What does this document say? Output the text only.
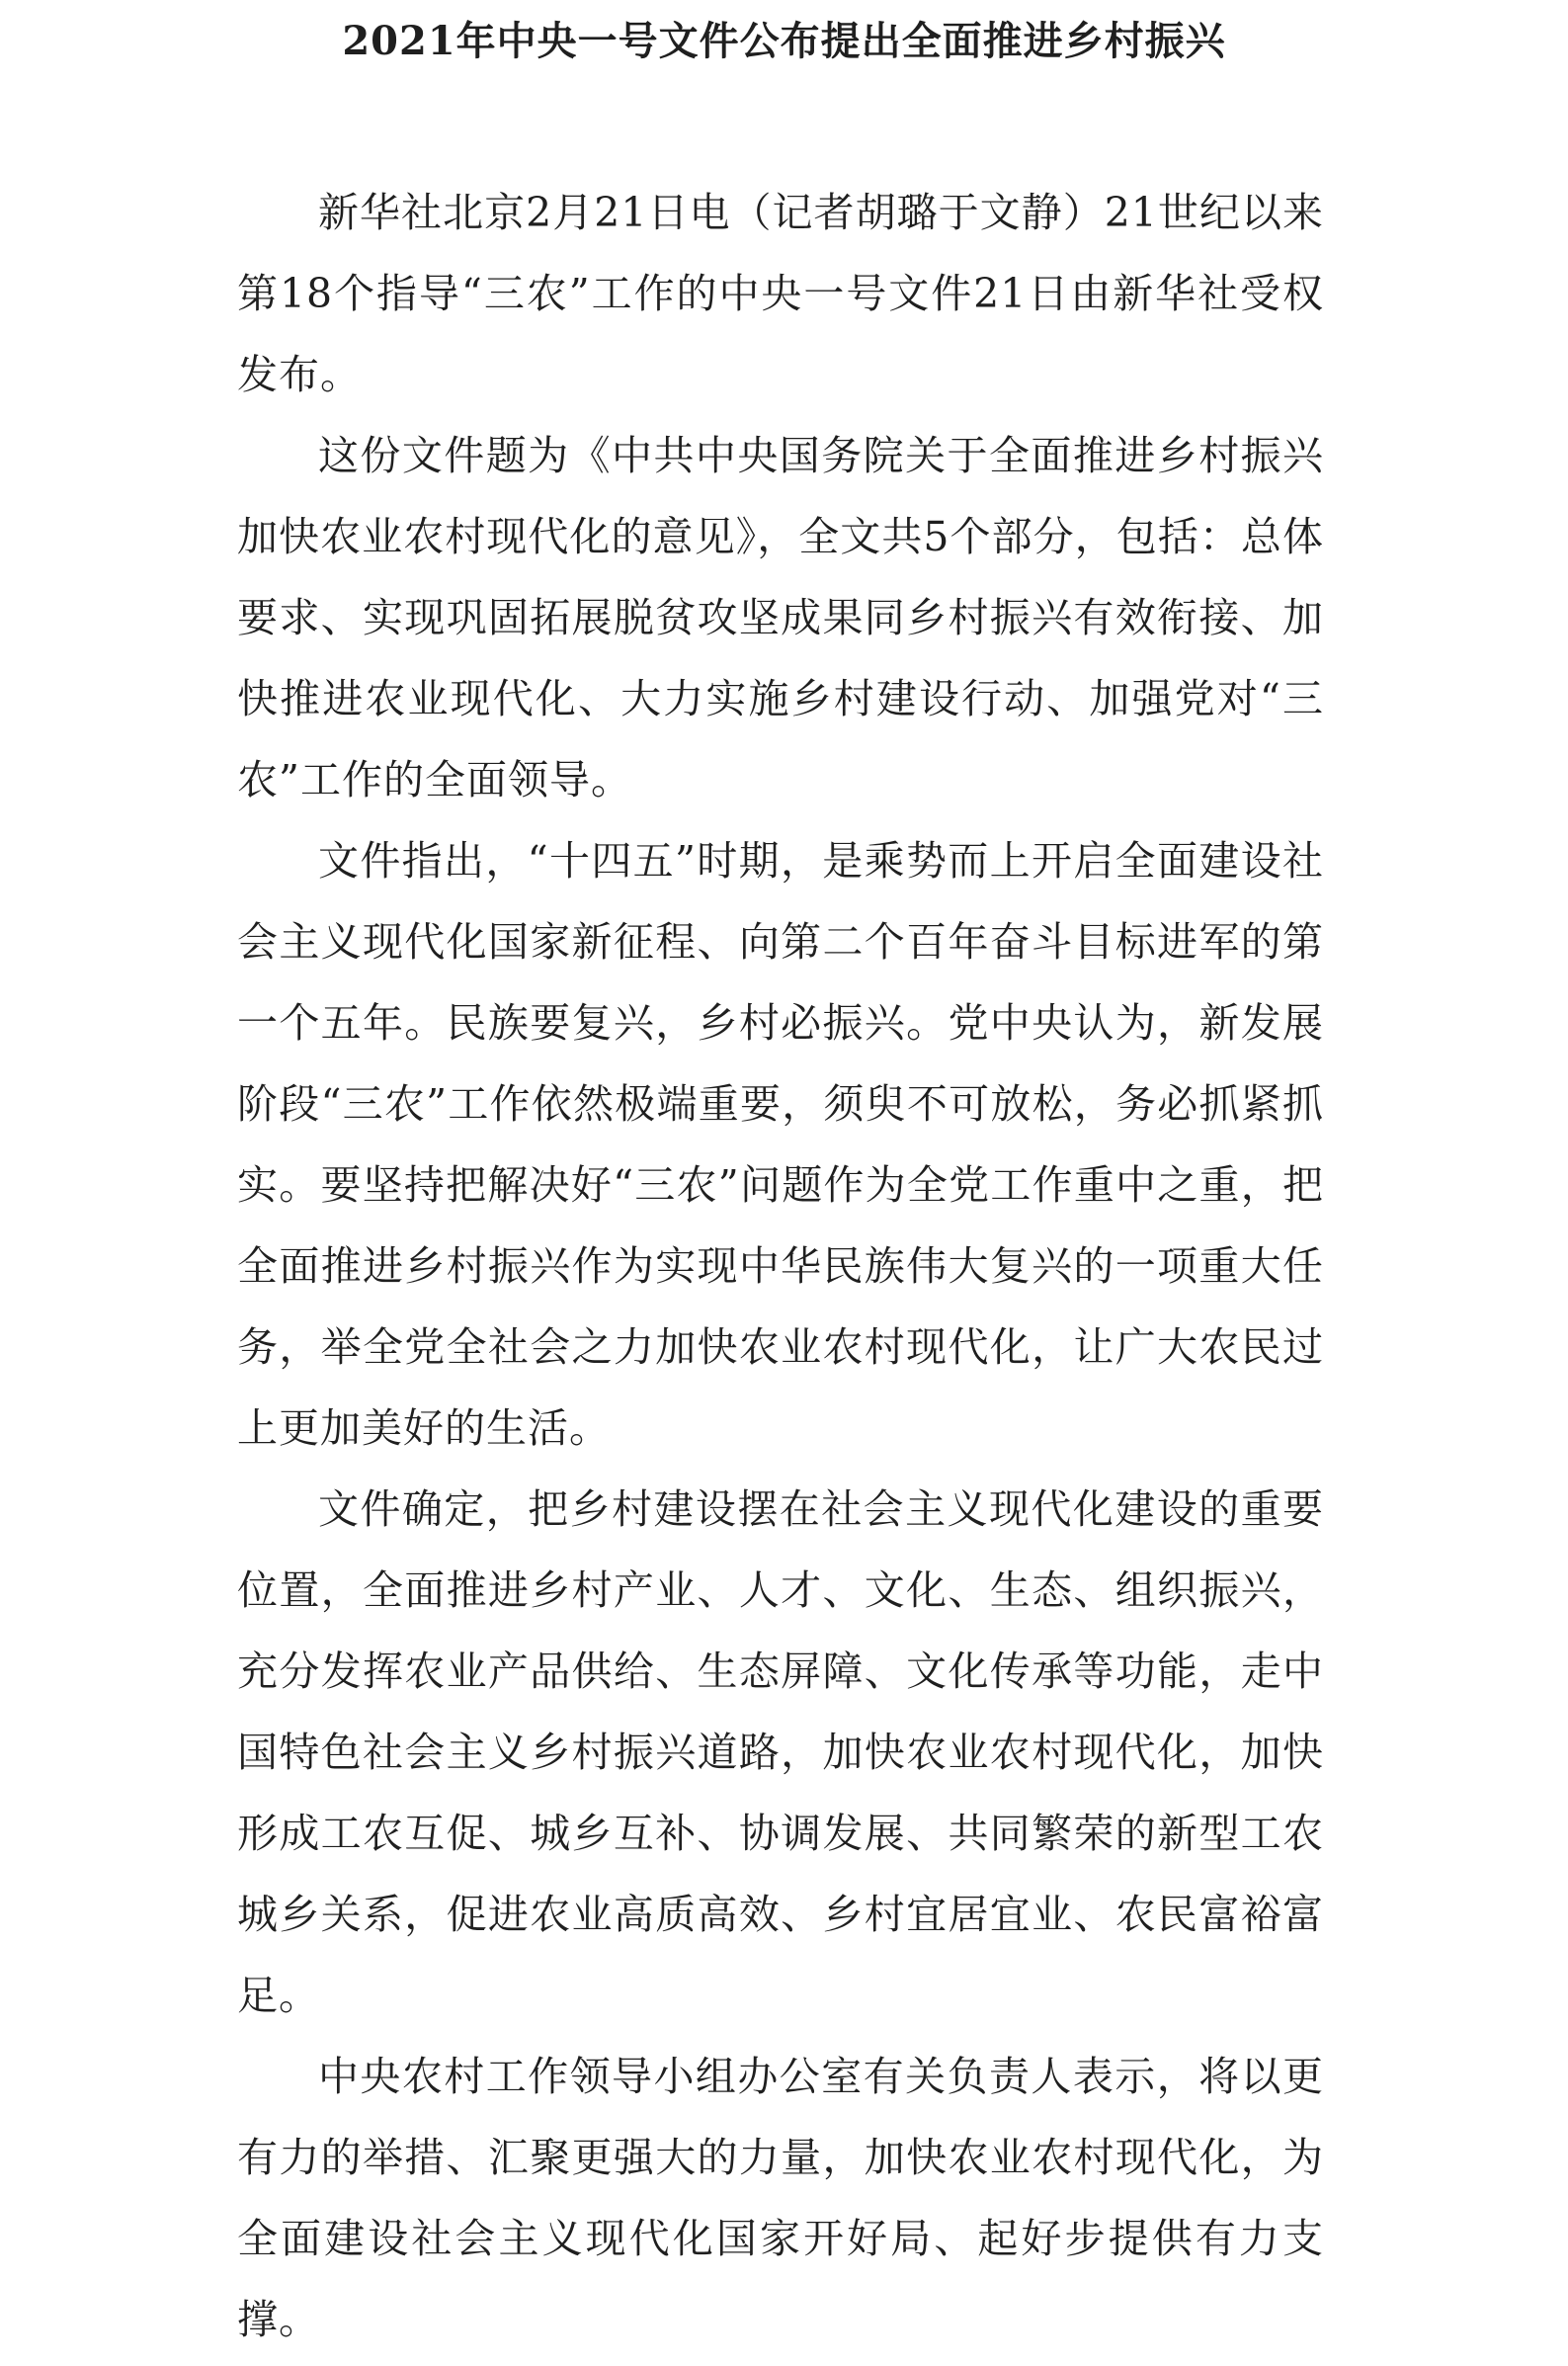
2021年中央一号文件公布提出全面推进乡村振兴

新华社北京2月21日电（记者胡璐于文静）21世纪以来第18个指导“三农”工作的中央一号文件21日由新华社受权发布。

这份文件题为《中共中央国务院关于全面推进乡村振兴加快农业农村现代化的意见》，全文共5个部分，包括：总体要求、实现巩固拓展脱贫攻坚成果同乡村振兴有效衔接、加快推进农业现代化、大力实施乡村建设行动、加强党对“三农”工作的全面领导。

文件指出，“十四五”时期，是乘势而上开启全面建设社会主义现代化国家新征程、向第二个百年奋斗目标进军的第一个五年。民族要复兴，乡村必振兴。党中央认为，新发展阶段“三农”工作依然极端重要，须臾不可放松，务必抓紧抓实。要坚持把解决好“三农”问题作为全党工作重中之重，把全面推进乡村振兴作为实现中华民族伟大复兴的一项重大任务，举全党全社会之力加快农业农村现代化，让广大农民过上更加美好的生活。

文件确定，把乡村建设摆在社会主义现代化建设的重要位置，全面推进乡村产业、人才、文化、生态、组织振兴，充分发挥农业产品供给、生态屏障、文化传承等功能，走中国特色社会主义乡村振兴道路，加快农业农村现代化，加快形成工农互促、城乡互补、协调发展、共同繁荣的新型工农城乡关系，促进农业高质高效、乡村宜居宜业、农民富裕富足。

中央农村工作领导小组办公室有关负责人表示，将以更有力的举措、汇聚更强大的力量，加快农业农村现代化，为全面建设社会主义现代化国家开好局、起好步提供有力支撑。
